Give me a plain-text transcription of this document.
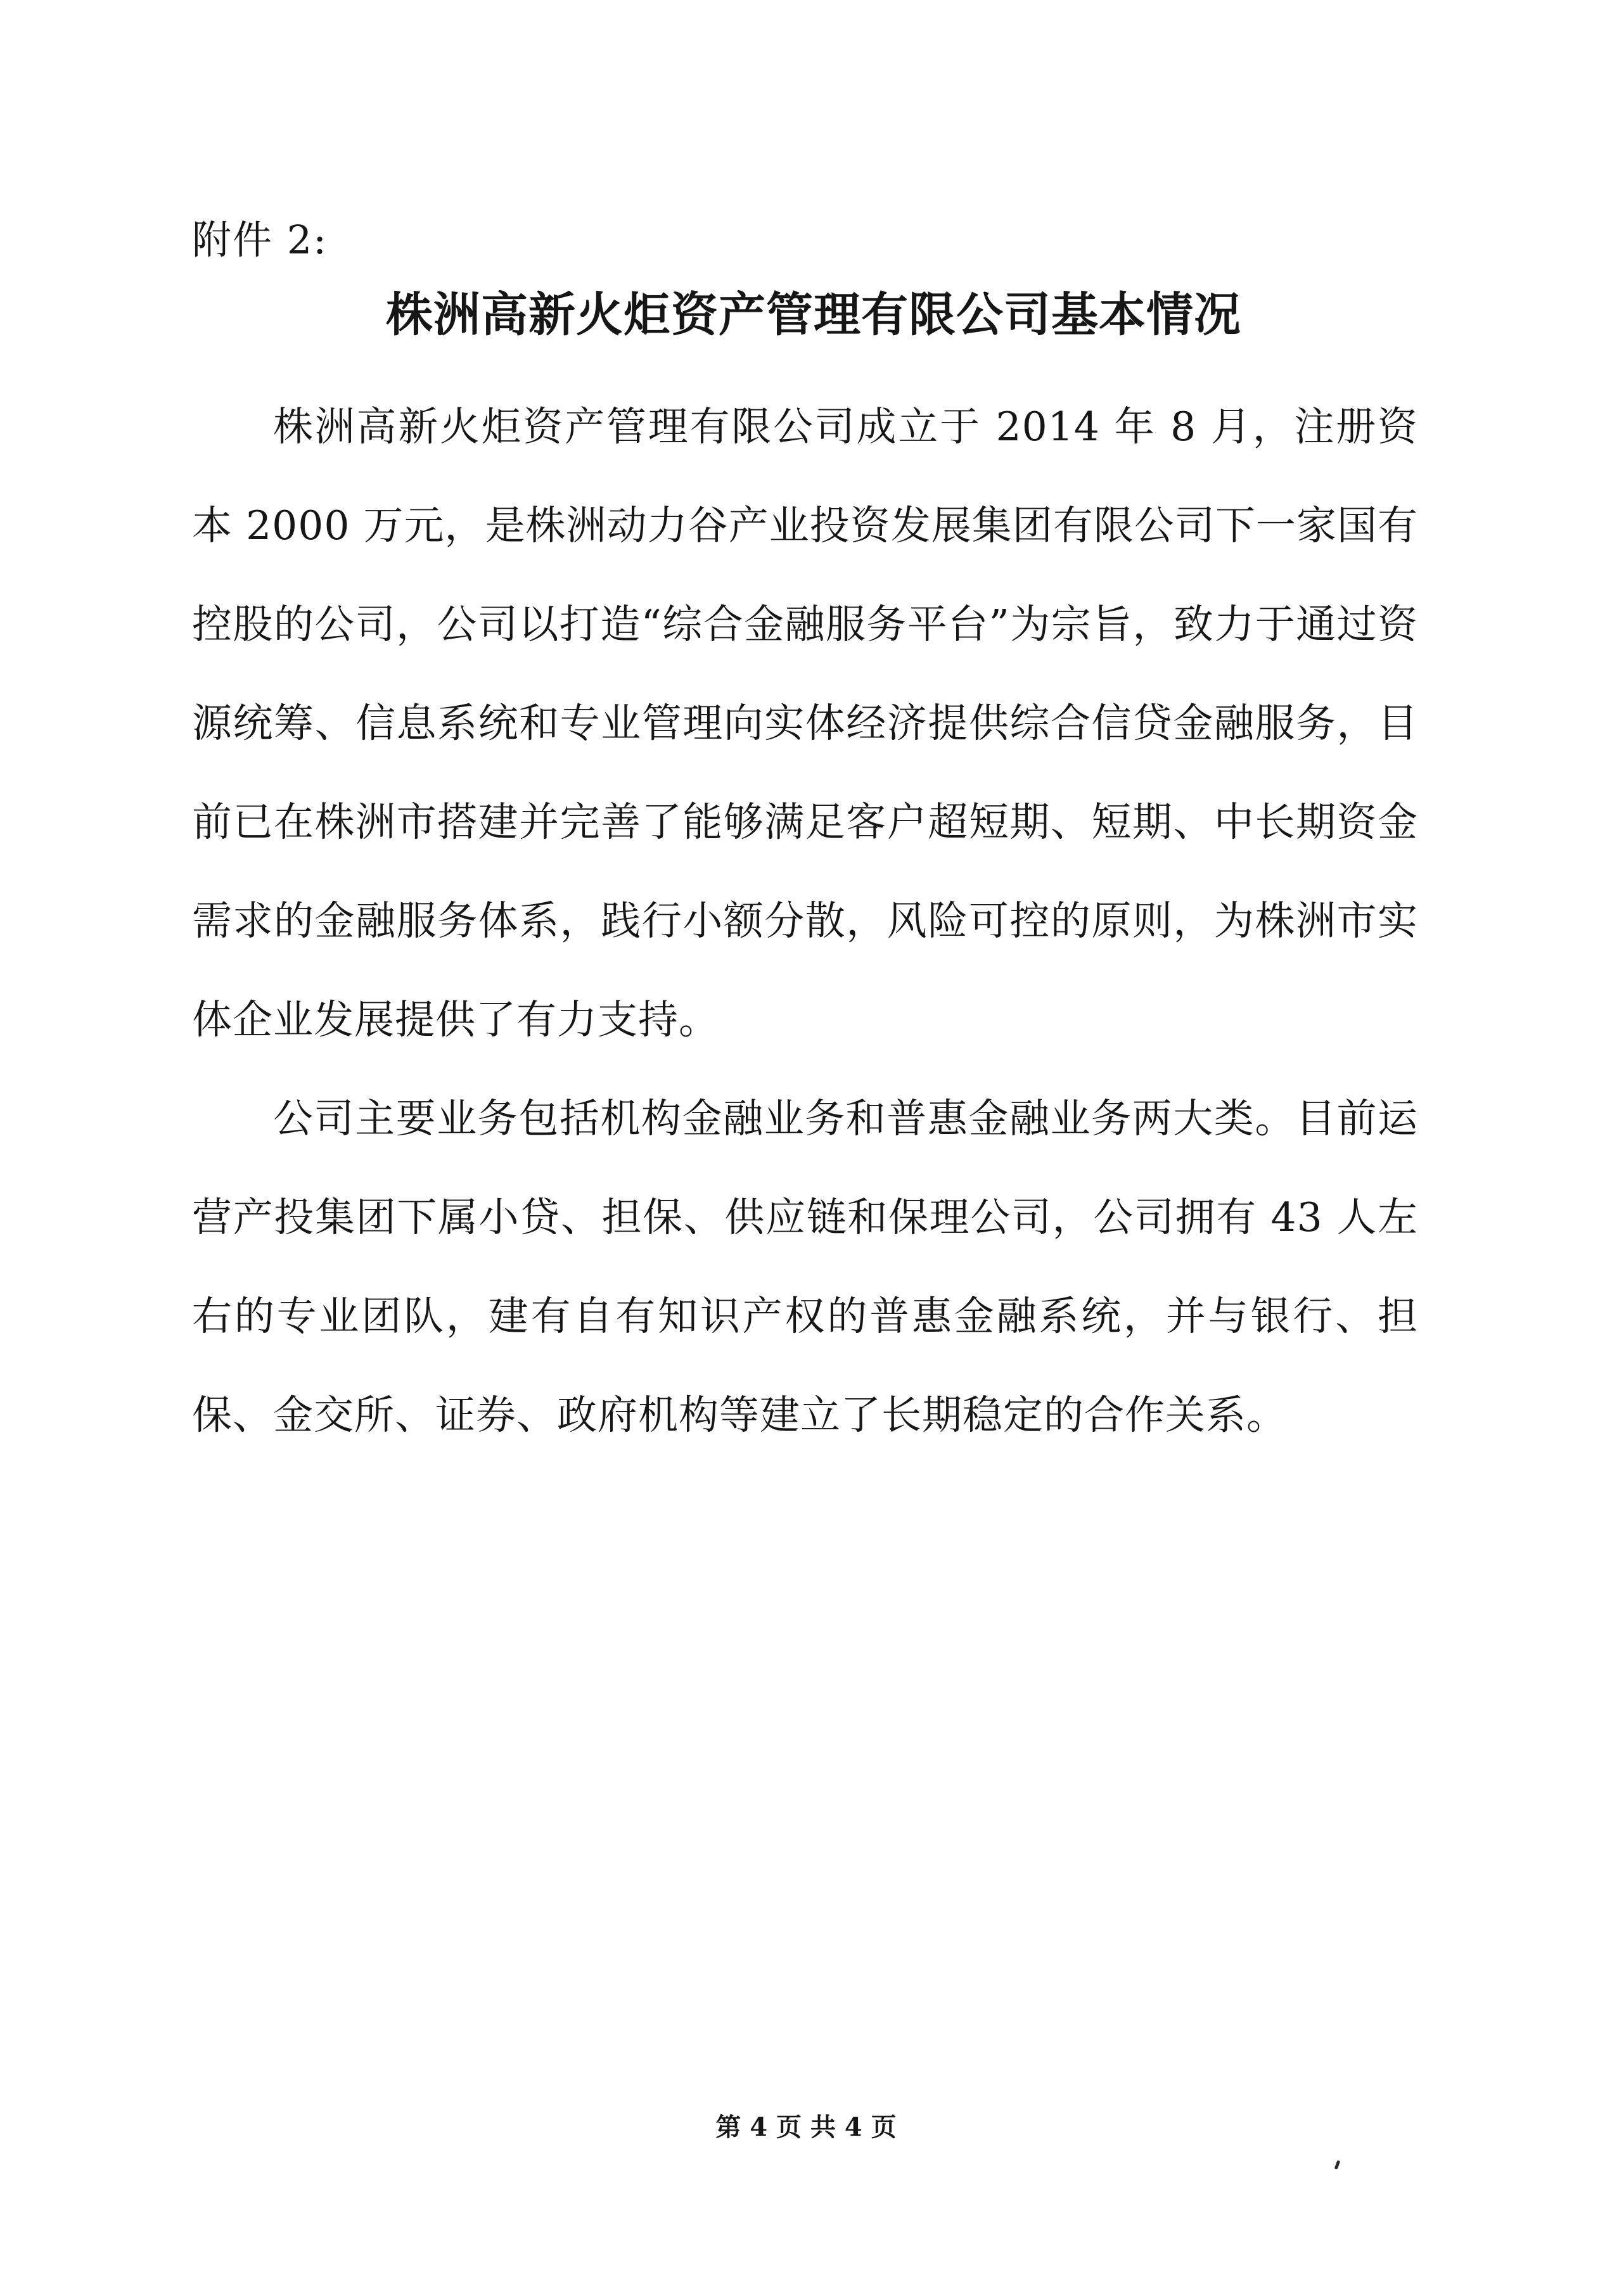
附件 2:
株洲高新火炬资产管理有限公司基本情况

株洲高新火炬资产管理有限公司成立于 2014 年 8 月，注册资本 2000 万元，是株洲动力谷产业投资发展集团有限公司下一家国有控股的公司，公司以打造“综合金融服务平台”为宗旨，致力于通过资源统筹、信息系统和专业管理向实体经济提供综合信贷金融服务，目前已在株洲市搭建并完善了能够满足客户超短期、短期、中长期资金需求的金融服务体系，践行小额分散，风险可控的原则，为株洲市实体企业发展提供了有力支持。

公司主要业务包括机构金融业务和普惠金融业务两大类。目前运营产投集团下属小贷、担保、供应链和保理公司，公司拥有 43 人左右的专业团队，建有自有知识产权的普惠金融系统，并与银行、担保、金交所、证券、政府机构等建立了长期稳定的合作关系。

第 4 页 共 4 页
